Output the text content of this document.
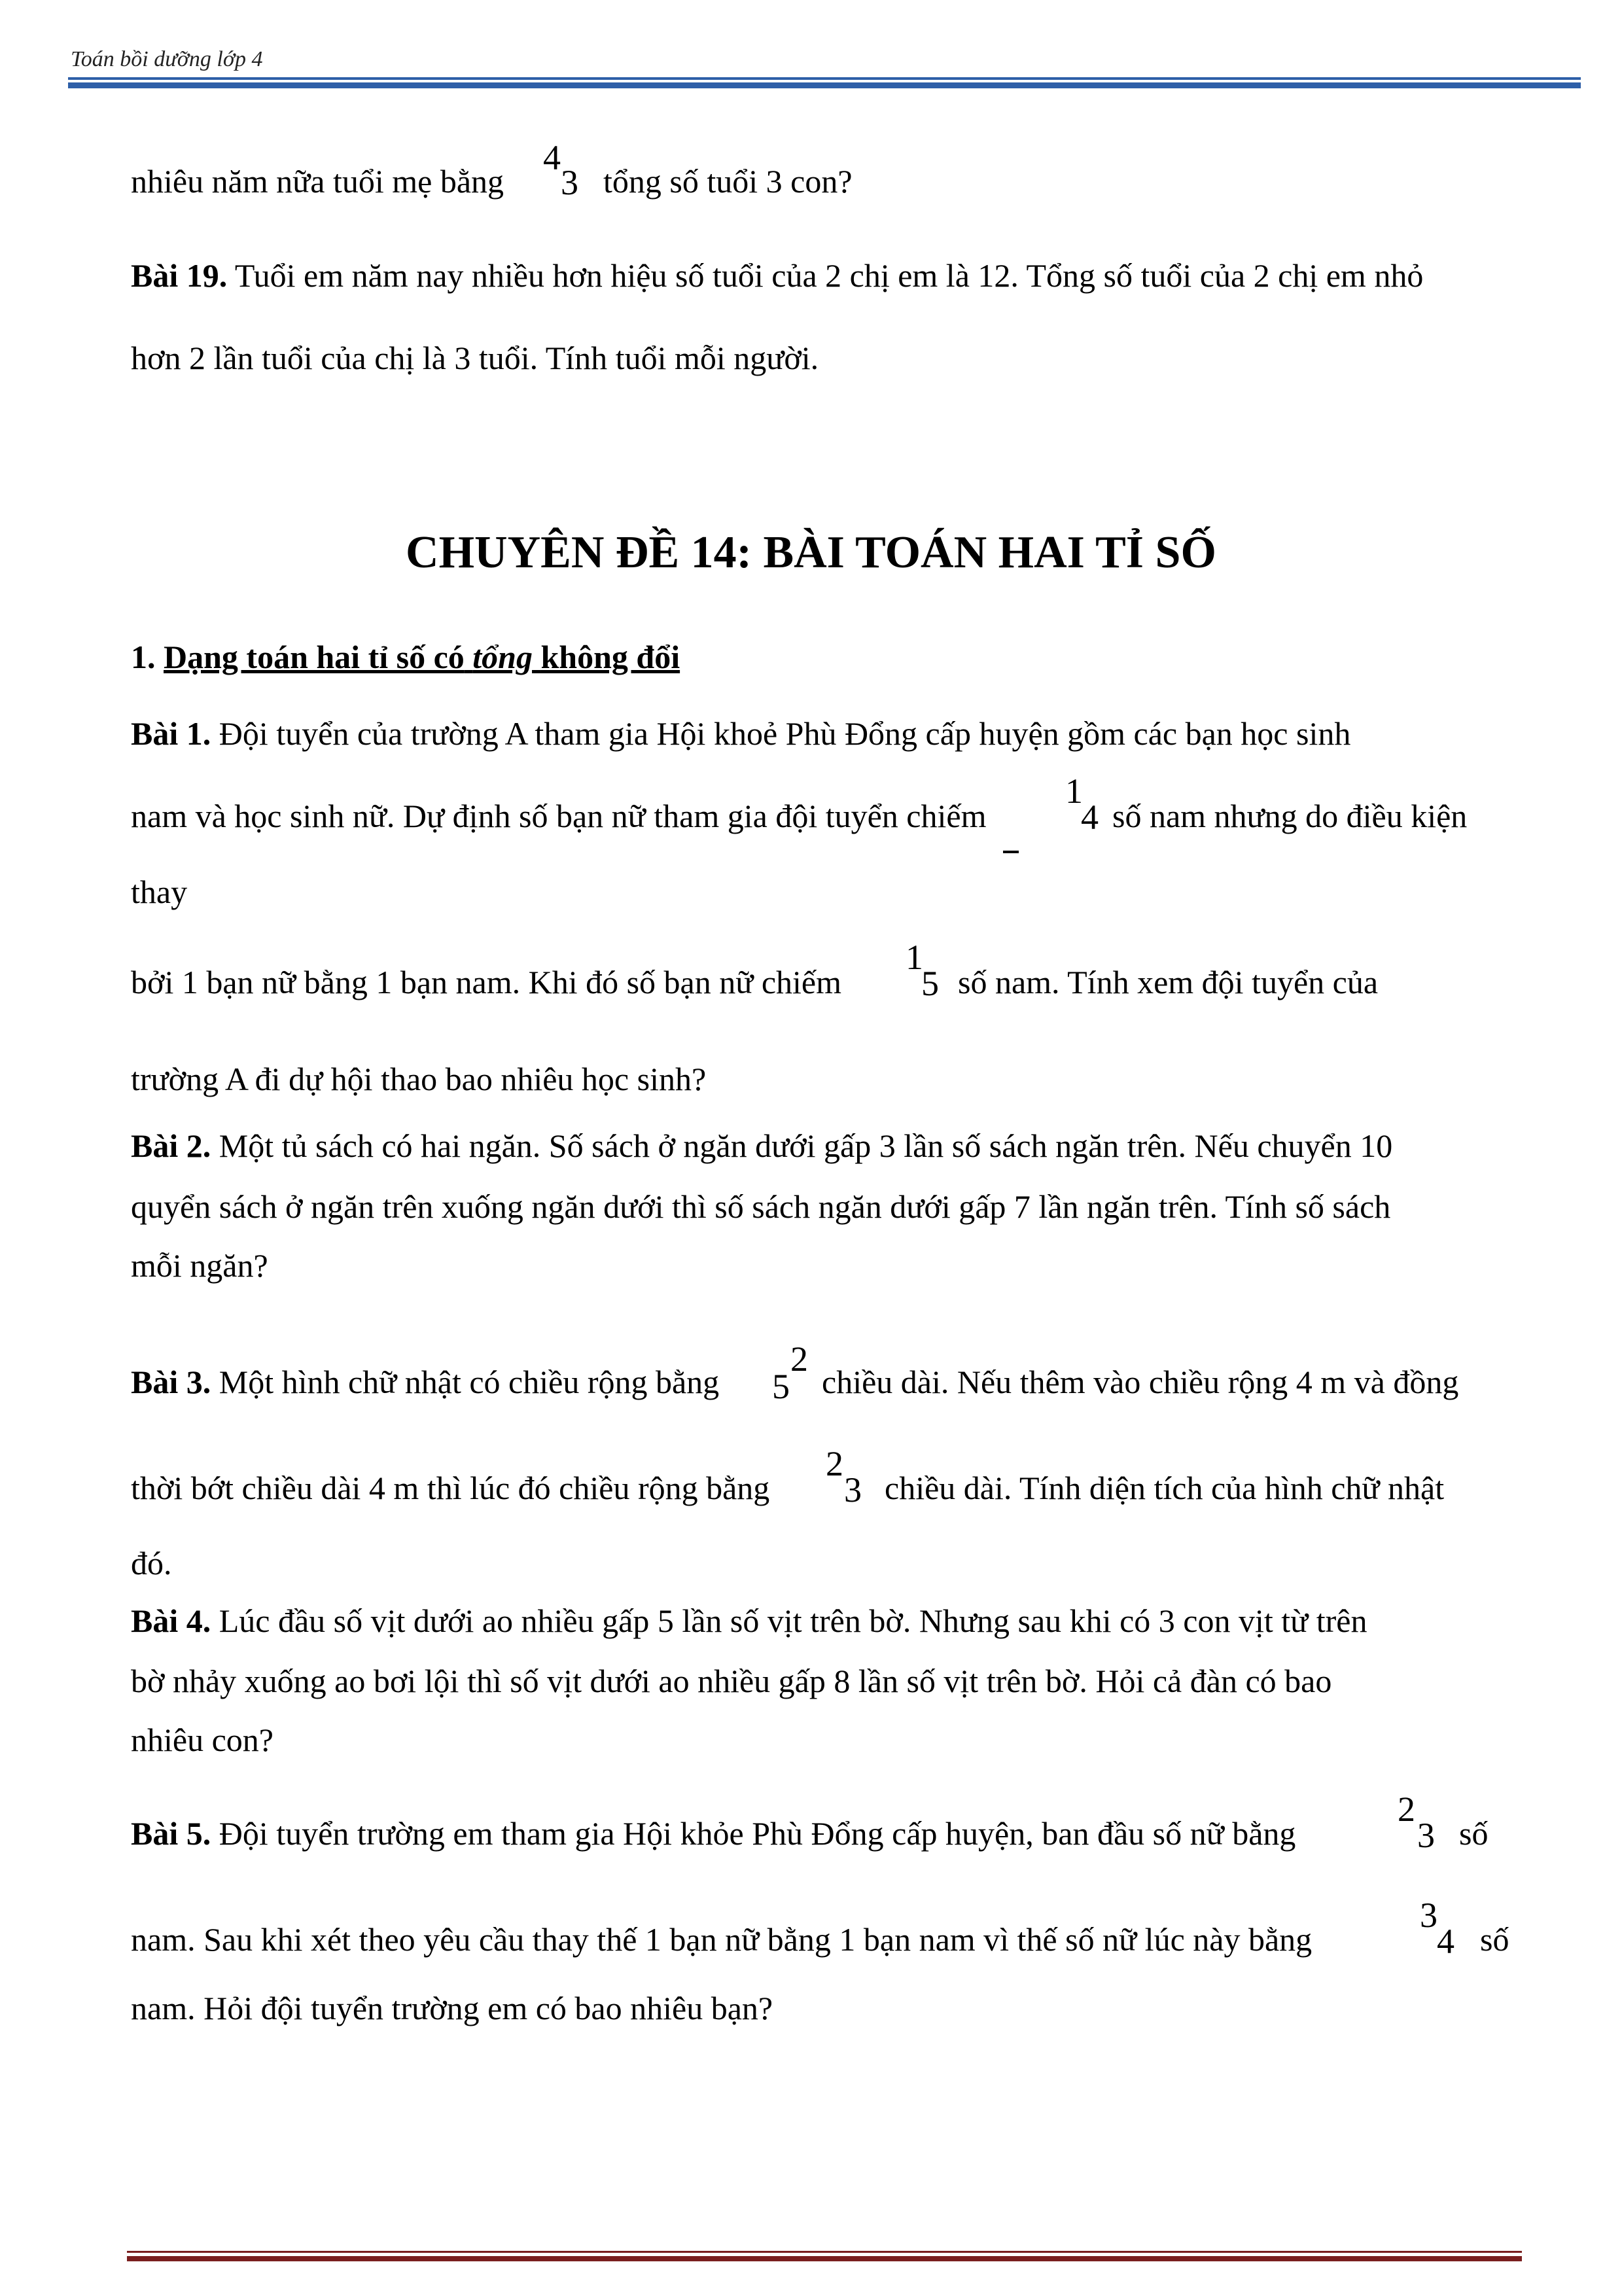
Toán bồi dưỡng lớp 4
nhiêu năm nữa tuổi mẹ bằng
4
3 tổng số tuổi 3 con?
Bài 19. Tuổi em năm nay nhiều hơn hiệu số tuổi của 2 chị em là 12. Tổng số tuổi của 2 chị em nhỏ
hơn 2 lần tuổi của chị là 3 tuổi. Tính tuổi mỗi người.
CHUYÊN ĐỀ 14: BÀI TOÁN HAI TỈ SỐ
1. Dạng toán hai tỉ số có tổng không đổi
Bài 1. Đội tuyển của trường A tham gia Hội khoẻ Phù Đổng cấp huyện gồm các bạn học sinh
nam và học sinh nữ. Dự định số bạn nữ tham gia đội tuyển chiếm
1
4 số nam nhưng do điều kiện
thay
bởi 1 bạn nữ bằng 1 bạn nam. Khi đó số bạn nữ chiếm
1
5 số nam. Tính xem đội tuyển của
trường A đi dự hội thao bao nhiêu học sinh?
Bài 2. Một tủ sách có hai ngăn. Số sách ở ngăn dưới gấp 3 lần số sách ngăn trên. Nếu chuyển 10
quyển sách ở ngăn trên xuống ngăn dưới thì số sách ngăn dưới gấp 7 lần ngăn trên. Tính số sách
mỗi ngăn?
Bài 3. Một hình chữ nhật có chiều rộng bằng
2
5 chiều dài. Nếu thêm vào chiều rộng 4 m và đồng
thời bớt chiều dài 4 m thì lúc đó chiều rộng bằng
2
3 chiều dài. Tính diện tích của hình chữ nhật
đó.
Bài 4. Lúc đầu số vịt dưới ao nhiều gấp 5 lần số vịt trên bờ. Nhưng sau khi có 3 con vịt từ trên
bờ nhảy xuống ao bơi lội thì số vịt dưới ao nhiều gấp 8 lần số vịt trên bờ. Hỏi cả đàn có bao
nhiêu con?
Bài 5. Đội tuyển trường em tham gia Hội khỏe Phù Đổng cấp huyện, ban đầu số nữ bằng
2
3 số
nam. Sau khi xét theo yêu cầu thay thế 1 bạn nữ bằng 1 bạn nam vì thế số nữ lúc này bằng
3
4 số
nam. Hỏi đội tuyển trường em có bao nhiêu bạn?
